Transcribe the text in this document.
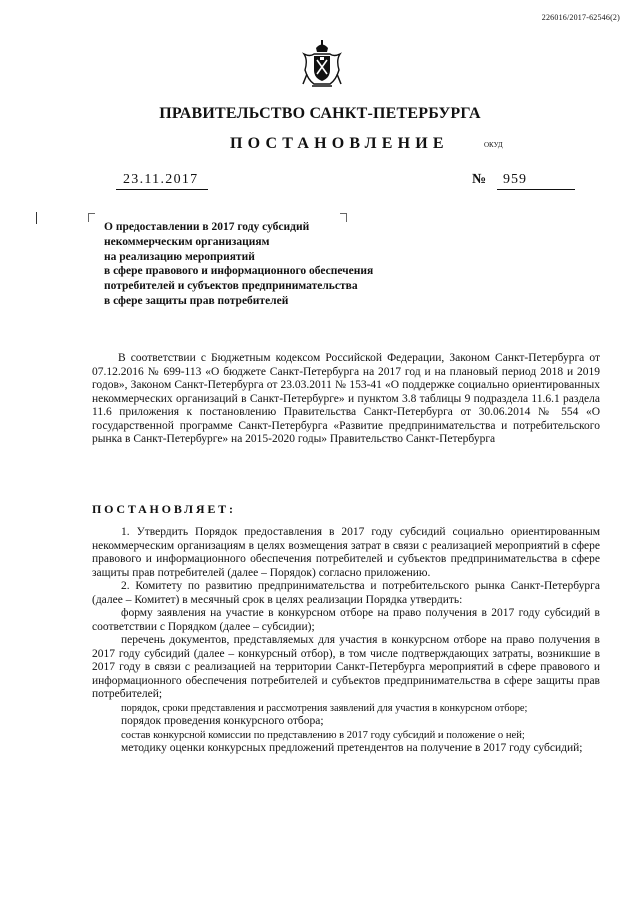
226016/2017-62546(2)
ПРАВИТЕЛЬСТВО САНКТ-ПЕТЕРБУРГА
ПОСТАНОВЛЕНИЕ	ОКУД
23.11.2017	№ 959
О предоставлении в 2017 году субсидий
некоммерческим организациям
на реализацию мероприятий
в сфере правового и информационного обеспечения
потребителей и субъектов предпринимательства
в сфере защиты прав потребителей

В соответствии с Бюджетным кодексом Российской Федерации, Законом Санкт-Петербурга от 07.12.2016 № 699-113 «О бюджете Санкт-Петербурга на 2017 год и на плановый период 2018 и 2019 годов», Законом Санкт-Петербурга от 23.03.2011 № 153-41 «О поддержке социально ориентированных некоммерческих организаций в Санкт-Петербурге» и пунктом 3.8 таблицы 9 подраздела 11.6.1 раздела 11.6 приложения к постановлению Правительства Санкт-Петербурга от 30.06.2014 № 554 «О государственной программе Санкт-Петербурга «Развитие предпринимательства и потребительского рынка в Санкт-Петербурге» на 2015-2020 годы» Правительство Санкт-Петербурга

ПОСТАНОВЛЯЕТ:

1. Утвердить Порядок предоставления в 2017 году субсидий социально ориентированным некоммерческим организациям в целях возмещения затрат в связи с реализацией мероприятий в сфере правового и информационного обеспечения потребителей и субъектов предпринимательства в сфере защиты прав потребителей (далее – Порядок) согласно приложению.

2. Комитету по развитию предпринимательства и потребительского рынка Санкт-Петербурга (далее – Комитет) в месячный срок в целях реализации Порядка утвердить:

форму заявления на участие в конкурсном отборе на право получения в 2017 году субсидий в соответствии с Порядком (далее – субсидии);

перечень документов, представляемых для участия в конкурсном отборе на право получения в 2017 году субсидий (далее – конкурсный отбор), в том числе подтверждающих затраты, возникшие в 2017 году в связи с реализацией на территории Санкт-Петербурга мероприятий в сфере правового и информационного обеспечения потребителей и субъектов предпринимательства в сфере защиты прав потребителей;

порядок, сроки представления и рассмотрения заявлений для участия в конкурсном отборе;

порядок проведения конкурсного отбора;

состав конкурсной комиссии по представлению в 2017 году субсидий и положение о ней;

методику оценки конкурсных предложений претендентов на получение в 2017 году субсидий;
